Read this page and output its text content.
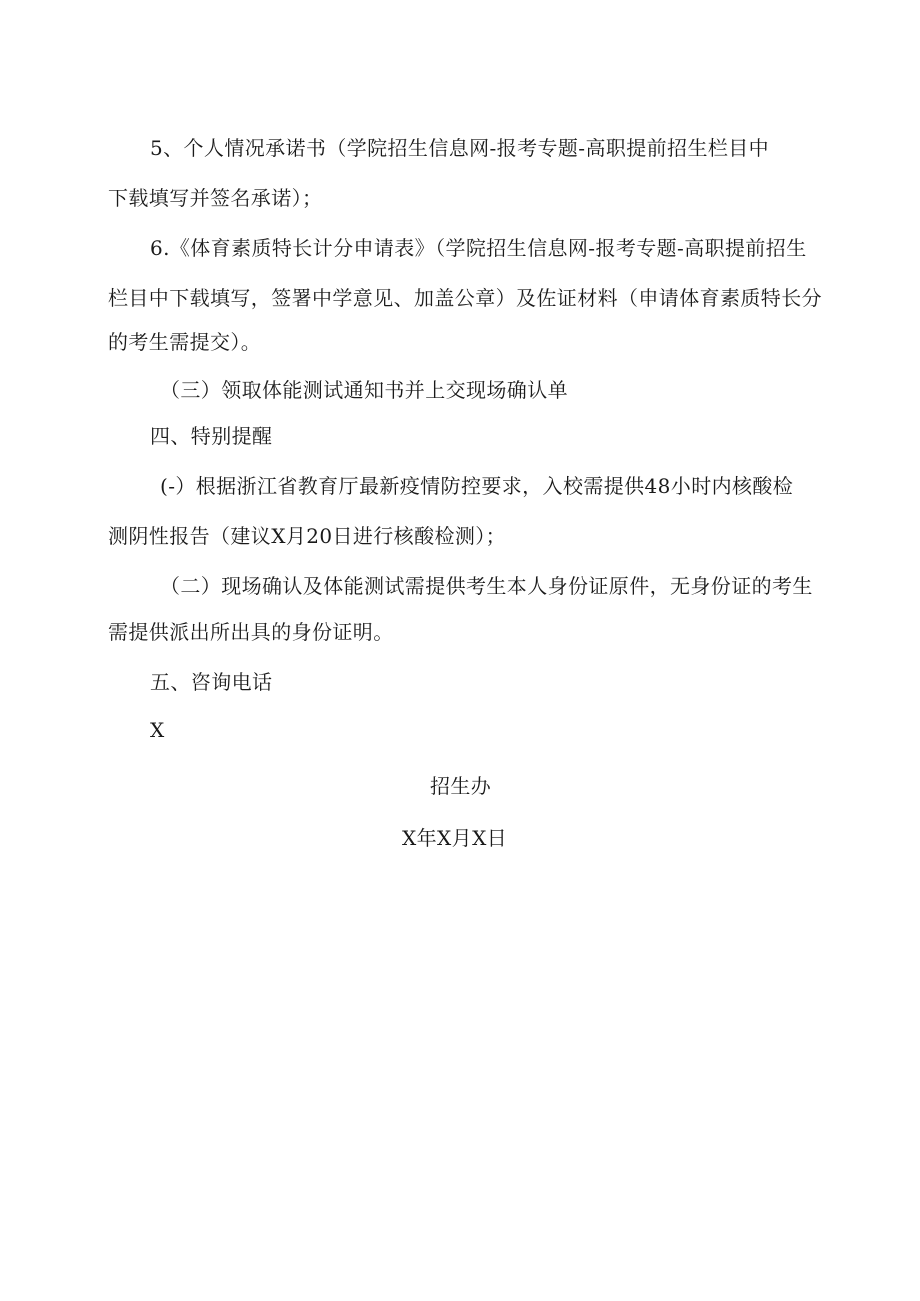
5、个人情况承诺书（学院招生信息网-报考专题-高职提前招生栏目中
下载填写并签名承诺）；
6.《体育素质特长计分申请表》（学院招生信息网-报考专题-高职提前招生
栏目中下载填写，签署中学意见、加盖公章）及佐证材料（申请体育素质特长分
的考生需提交）。
（三）领取体能测试通知书并上交现场确认单
四、特别提醒
(-）根据浙江省教育厅最新疫情防控要求，入校需提供48小时内核酸检
测阴性报告（建议X月20日进行核酸检测）；
（二）现场确认及体能测试需提供考生本人身份证原件，无身份证的考生
需提供派出所出具的身份证明。
五、咨询电话
X
招生办
X年X月X日
